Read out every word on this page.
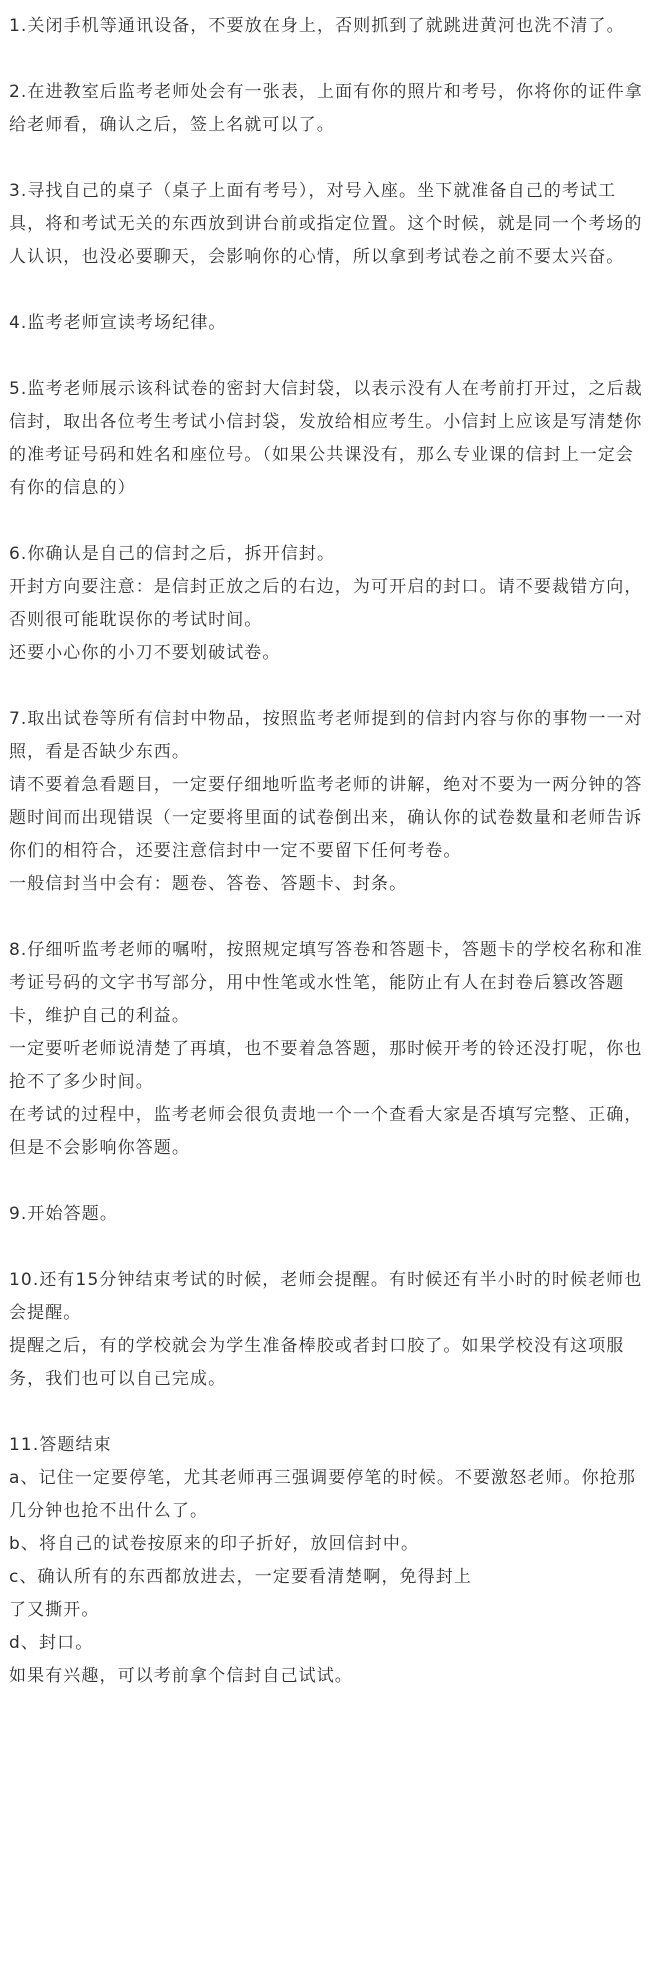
1.关闭手机等通讯设备，不要放在身上，否则抓到了就跳进黄河也洗不清了。

2.在进教室后监考老师处会有一张表，上面有你的照片和考号，你将你的证件拿给老师看，确认之后，签上名就可以了。

3.寻找自己的桌子（桌子上面有考号），对号入座。坐下就准备自己的考试工具，将和考试无关的东西放到讲台前或指定位置。这个时候，就是同一个考场的人认识，也没必要聊天，会影响你的心情，所以拿到考试卷之前不要太兴奋。

4.监考老师宣读考场纪律。

5.监考老师展示该科试卷的密封大信封袋，以表示没有人在考前打开过，之后裁信封，取出各位考生考试小信封袋，发放给相应考生。小信封上应该是写清楚你的准考证号码和姓名和座位号。（如果公共课没有，那么专业课的信封上一定会有你的信息的）

6.你确认是自己的信封之后，拆开信封。

开封方向要注意：是信封正放之后的右边，为可开启的封口。请不要裁错方向，否则很可能耽误你的考试时间。

还要小心你的小刀不要划破试卷。

7.取出试卷等所有信封中物品，按照监考老师提到的信封内容与你的事物一一对照，看是否缺少东西。

请不要着急看题目，一定要仔细地听监考老师的讲解，绝对不要为一两分钟的答题时间而出现错误（一定要将里面的试卷倒出来，确认你的试卷数量和老师告诉你们的相符合，还要注意信封中一定不要留下任何考卷。

一般信封当中会有：题卷、答卷、答题卡、封条。

8.仔细听监考老师的嘱咐，按照规定填写答卷和答题卡，答题卡的学校名称和准考证号码的文字书写部分，用中性笔或水性笔，能防止有人在封卷后篡改答题卡，维护自己的利益。

一定要听老师说清楚了再填，也不要着急答题，那时候开考的铃还没打呢，你也抢不了多少时间。

在考试的过程中，监考老师会很负责地一个一个查看大家是否填写完整、正确，但是不会影响你答题。

9.开始答题。

10.还有15分钟结束考试的时候，老师会提醒。有时候还有半小时的时候老师也会提醒。

提醒之后，有的学校就会为学生准备棒胶或者封口胶了。如果学校没有这项服务，我们也可以自己完成。

11.答题结束

a、记住一定要停笔，尤其老师再三强调要停笔的时候。不要激怒老师。你抢那几分钟也抢不出什么了。

b、将自己的试卷按原来的印子折好，放回信封中。

c、确认所有的东西都放进去，一定要看清楚啊，免得封上

了又撕开。

d、封口。

如果有兴趣，可以考前拿个信封自己试试。
